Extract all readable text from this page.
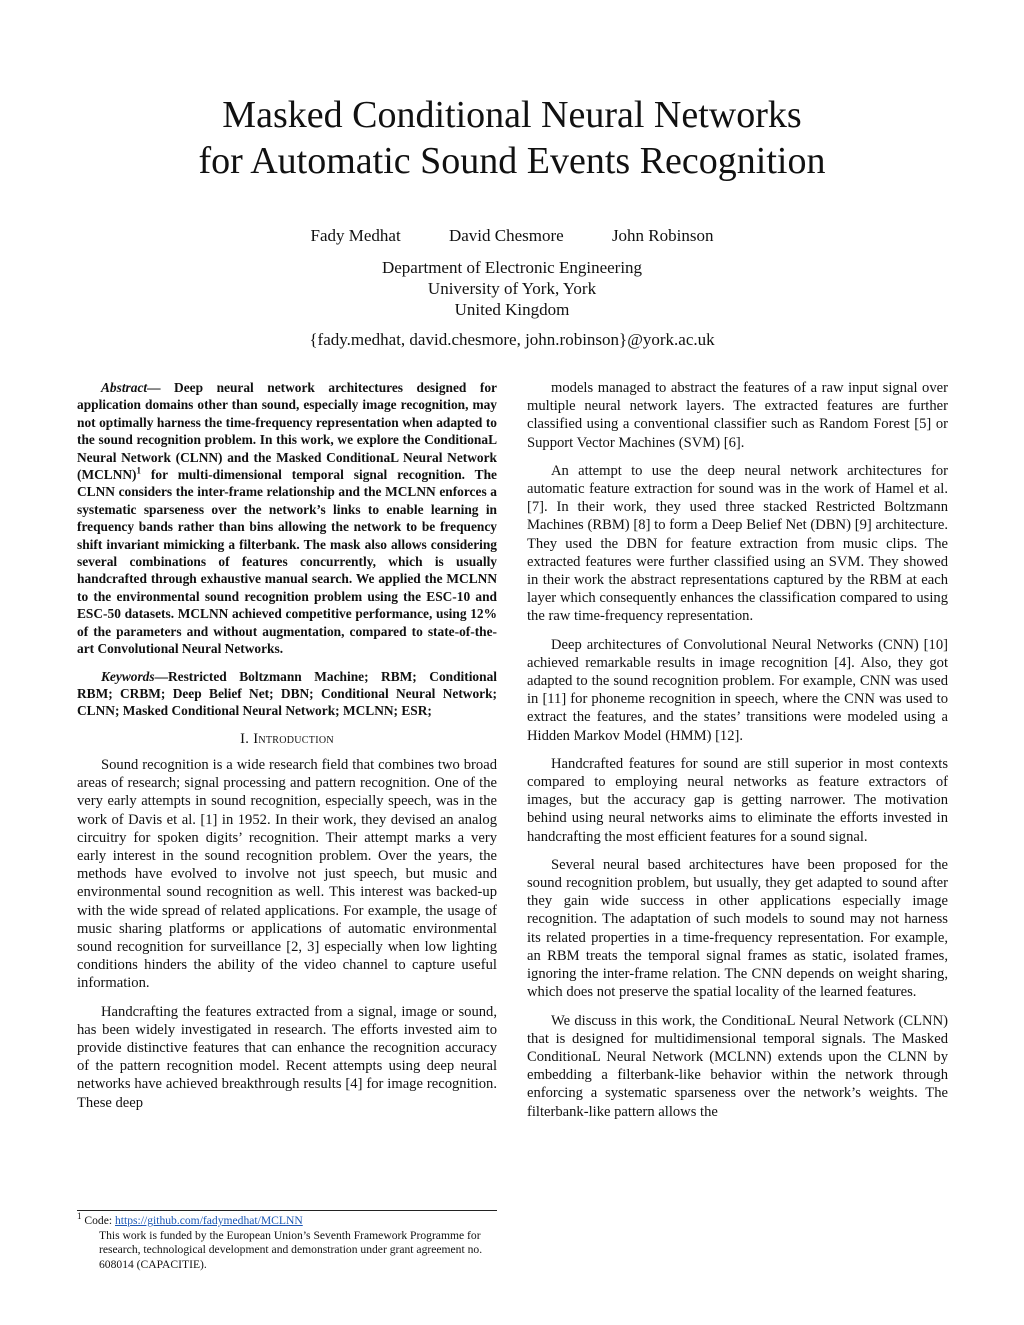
Masked Conditional Neural Networks
for Automatic Sound Events Recognition
Fady Medhat	David Chesmore	John Robinson
Department of Electronic Engineering
University of York, York
United Kingdom
{fady.medhat, david.chesmore, john.robinson}@york.ac.uk

Abstract— Deep neural network architectures designed for application domains other than sound, especially image recognition, may not optimally harness the time-frequency representation when adapted to the sound recognition problem. In this work, we explore the ConditionaL Neural Network (CLNN) and the Masked ConditionaL Neural Network (MCLNN)$^1$ for multi-dimensional temporal signal recognition. The CLNN considers the inter-frame relationship and the MCLNN enforces a systematic sparseness over the network’s links to enable learning in frequency bands rather than bins allowing the network to be frequency shift invariant mimicking a filterbank. The mask also allows considering several combinations of features concurrently, which is usually handcrafted through exhaustive manual search. We applied the MCLNN to the environmental sound recognition problem using the ESC-10 and ESC-50 datasets. MCLNN achieved competitive performance, using 12% of the parameters and without augmentation, compared to state-of-the-art Convolutional Neural Networks.

Keywords—Restricted Boltzmann Machine; RBM; Conditional RBM; CRBM; Deep Belief Net; DBN; Conditional Neural Network; CLNN; Masked Conditional Neural Network; MCLNN; ESR;

I. Introduction

Sound recognition is a wide research field that combines two broad areas of research; signal processing and pattern recognition. One of the very early attempts in sound recognition, especially speech, was in the work of Davis et al. [1] in 1952. In their work, they devised an analog circuitry for spoken digits’ recognition. Their attempt marks a very early interest in the sound recognition problem. Over the years, the methods have evolved to involve not just speech, but music and environmental sound recognition as well. This interest was backed-up with the wide spread of related applications. For example, the usage of music sharing platforms or applications of automatic environmental sound recognition for surveillance [2, 3] especially when low lighting conditions hinders the ability of the video channel to capture useful information.

Handcrafting the features extracted from a signal, image or sound, has been widely investigated in research. The efforts invested aim to provide distinctive features that can enhance the recognition accuracy of the pattern recognition model. Recent attempts using deep neural networks have achieved breakthrough results [4] for image recognition. These deep

models managed to abstract the features of a raw input signal over multiple neural network layers. The extracted features are further classified using a conventional classifier such as Random Forest [5] or Support Vector Machines (SVM) [6].

An attempt to use the deep neural network architectures for automatic feature extraction for sound was in the work of Hamel et al. [7]. In their work, they used three stacked Restricted Boltzmann Machines (RBM) [8] to form a Deep Belief Net (DBN) [9] architecture. They used the DBN for feature extraction from music clips. The extracted features were further classified using an SVM. They showed in their work the abstract representations captured by the RBM at each layer which consequently enhances the classification compared to using the raw time-frequency representation.

Deep architectures of Convolutional Neural Networks (CNN) [10] achieved remarkable results in image recognition [4]. Also, they got adapted to the sound recognition problem. For example, CNN was used in [11] for phoneme recognition in speech, where the CNN was used to extract the features, and the states’ transitions were modeled using a Hidden Markov Model (HMM) [12].

Handcrafted features for sound are still superior in most contexts compared to employing neural networks as feature extractors of images, but the accuracy gap is getting narrower. The motivation behind using neural networks aims to eliminate the efforts invested in handcrafting the most efficient features for a sound signal.

Several neural based architectures have been proposed for the sound recognition problem, but usually, they get adapted to sound after they gain wide success in other applications especially image recognition. The adaptation of such models to sound may not harness its related properties in a time-frequency representation. For example, an RBM treats the temporal signal frames as static, isolated frames, ignoring the inter-frame relation. The CNN depends on weight sharing, which does not preserve the spatial locality of the learned features.

We discuss in this work, the ConditionaL Neural Network (CLNN) that is designed for multidimensional temporal signals. The Masked ConditionaL Neural Network (MCLNN) extends upon the CLNN by embedding a filterbank-like behavior within the network through enforcing a systematic sparseness over the network’s weights. The filterbank-like pattern allows the

$^1$ Code: https://github.com/fadymedhat/MCLNN
This work is funded by the European Union’s Seventh Framework Programme for research, technological development and demonstration under grant agreement no. 608014 (CAPACITIE).
